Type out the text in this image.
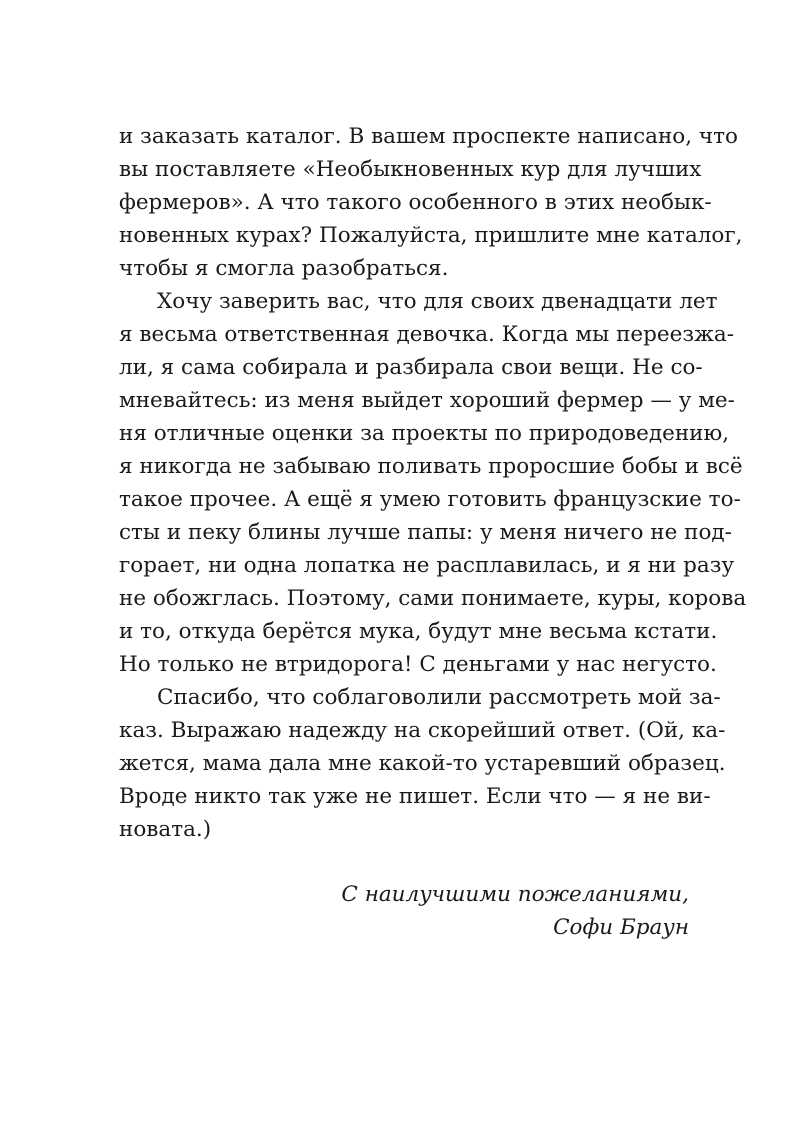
и заказать каталог. В вашем проспекте написано, что
вы поставляете «Необыкновенных кур для лучших
фермеров». А что такого особенного в этих необык-
новенных курах? Пожалуйста, пришлите мне каталог,
чтобы я смогла разобраться.
Хочу заверить вас, что для своих двенадцати лет
я весьма ответственная девочка. Когда мы переезжа-
ли, я сама собирала и разбирала свои вещи. Не со-
мневайтесь: из меня выйдет хороший фермер — у ме-
ня отличные оценки за проекты по природоведению,
я никогда не забываю поливать проросшие бобы и всё
такое прочее. А ещё я умею готовить французские то-
сты и пеку блины лучше папы: у меня ничего не под-
горает, ни одна лопатка не расплавилась, и я ни разу
не обожглась. Поэтому, сами понимаете, куры, корова
и то, откуда берётся мука, будут мне весьма кстати.
Но только не втридорога! С деньгами у нас негусто.
Спасибо, что соблаговолили рассмотреть мой за-
каз. Выражаю надежду на скорейший ответ. (Ой, ка-
жется, мама дала мне какой-то устаревший образец.
Вроде никто так уже не пишет. Если что — я не ви-
новата.)
С наилучшими пожеланиями,
Софи Браун
